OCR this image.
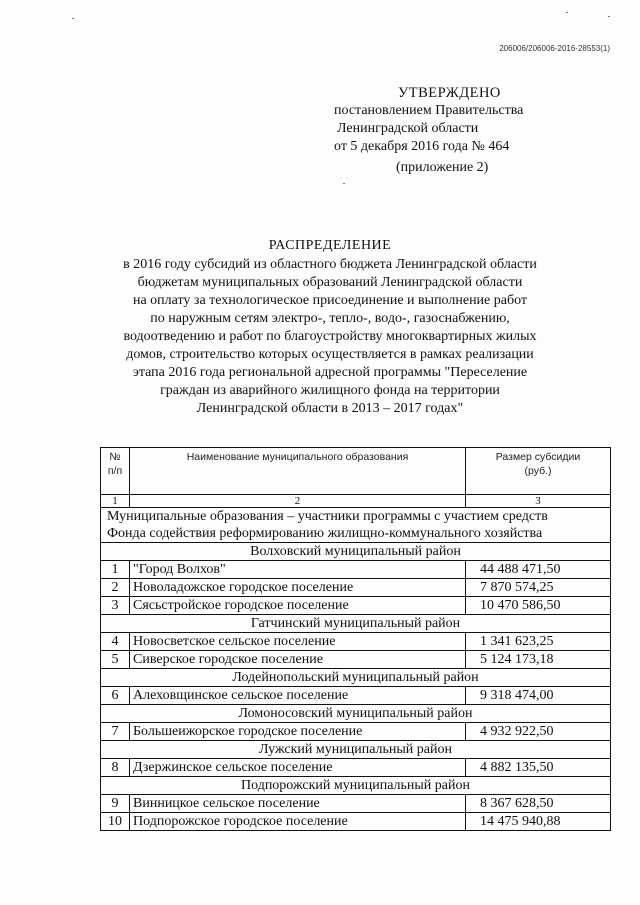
206006/206006-2016-28553(1)
УТВЕРЖДЕНО
постановлением Правительства
Ленинградской области
от 5 декабря 2016 года № 464
(приложение 2)
РАСПРЕДЕЛЕНИЕ
в 2016 году субсидий из областного бюджета Ленинградской области
бюджетам муниципальных образований Ленинградской области
на оплату за технологическое присоединение и выполнение работ
по наружным сетям электро-, тепло-, водо-, газоснабжению,
водоотведению и работ по благоустройству многоквартирных жилых
домов, строительство которых осуществляется в рамках реализации
этапа 2016 года региональной адресной программы "Переселение
граждан из аварийного жилищного фонда на территории
Ленинградской области в 2013 – 2017 годах"
№ п/п	Наименование муниципального образования	Размер субсидии (руб.)
1	2	3

Муниципальные образования – участники программы с участием средств
Фонда содействия реформированию жилищно-коммунального хозяйства		

Волховский муниципальный район		
1	"Город Волхов"	44 488 471,50
2	Новоладожское городское поселение	7 870 574,25
3	Сясьстройское городское поселение	10 470 586,50
Гатчинский муниципальный район		
4	Новосветское сельское поселение	1 341 623,25
5	Сиверское городское поселение	5 124 173,18
Лодейнопольский муниципальный район		
6	Алеховщинское сельское поселение	9 318 474,00
Ломоносовский муниципальный район		
7	Большеижорское городское поселение	4 932 922,50
Лужский муниципальный район		
8	Дзержинское сельское поселение	4 882 135,50
Подпорожский муниципальный район		
9	Винницкое сельское поселение	8 367 628,50
10	Подпорожское городское поселение	14 475 940,88
